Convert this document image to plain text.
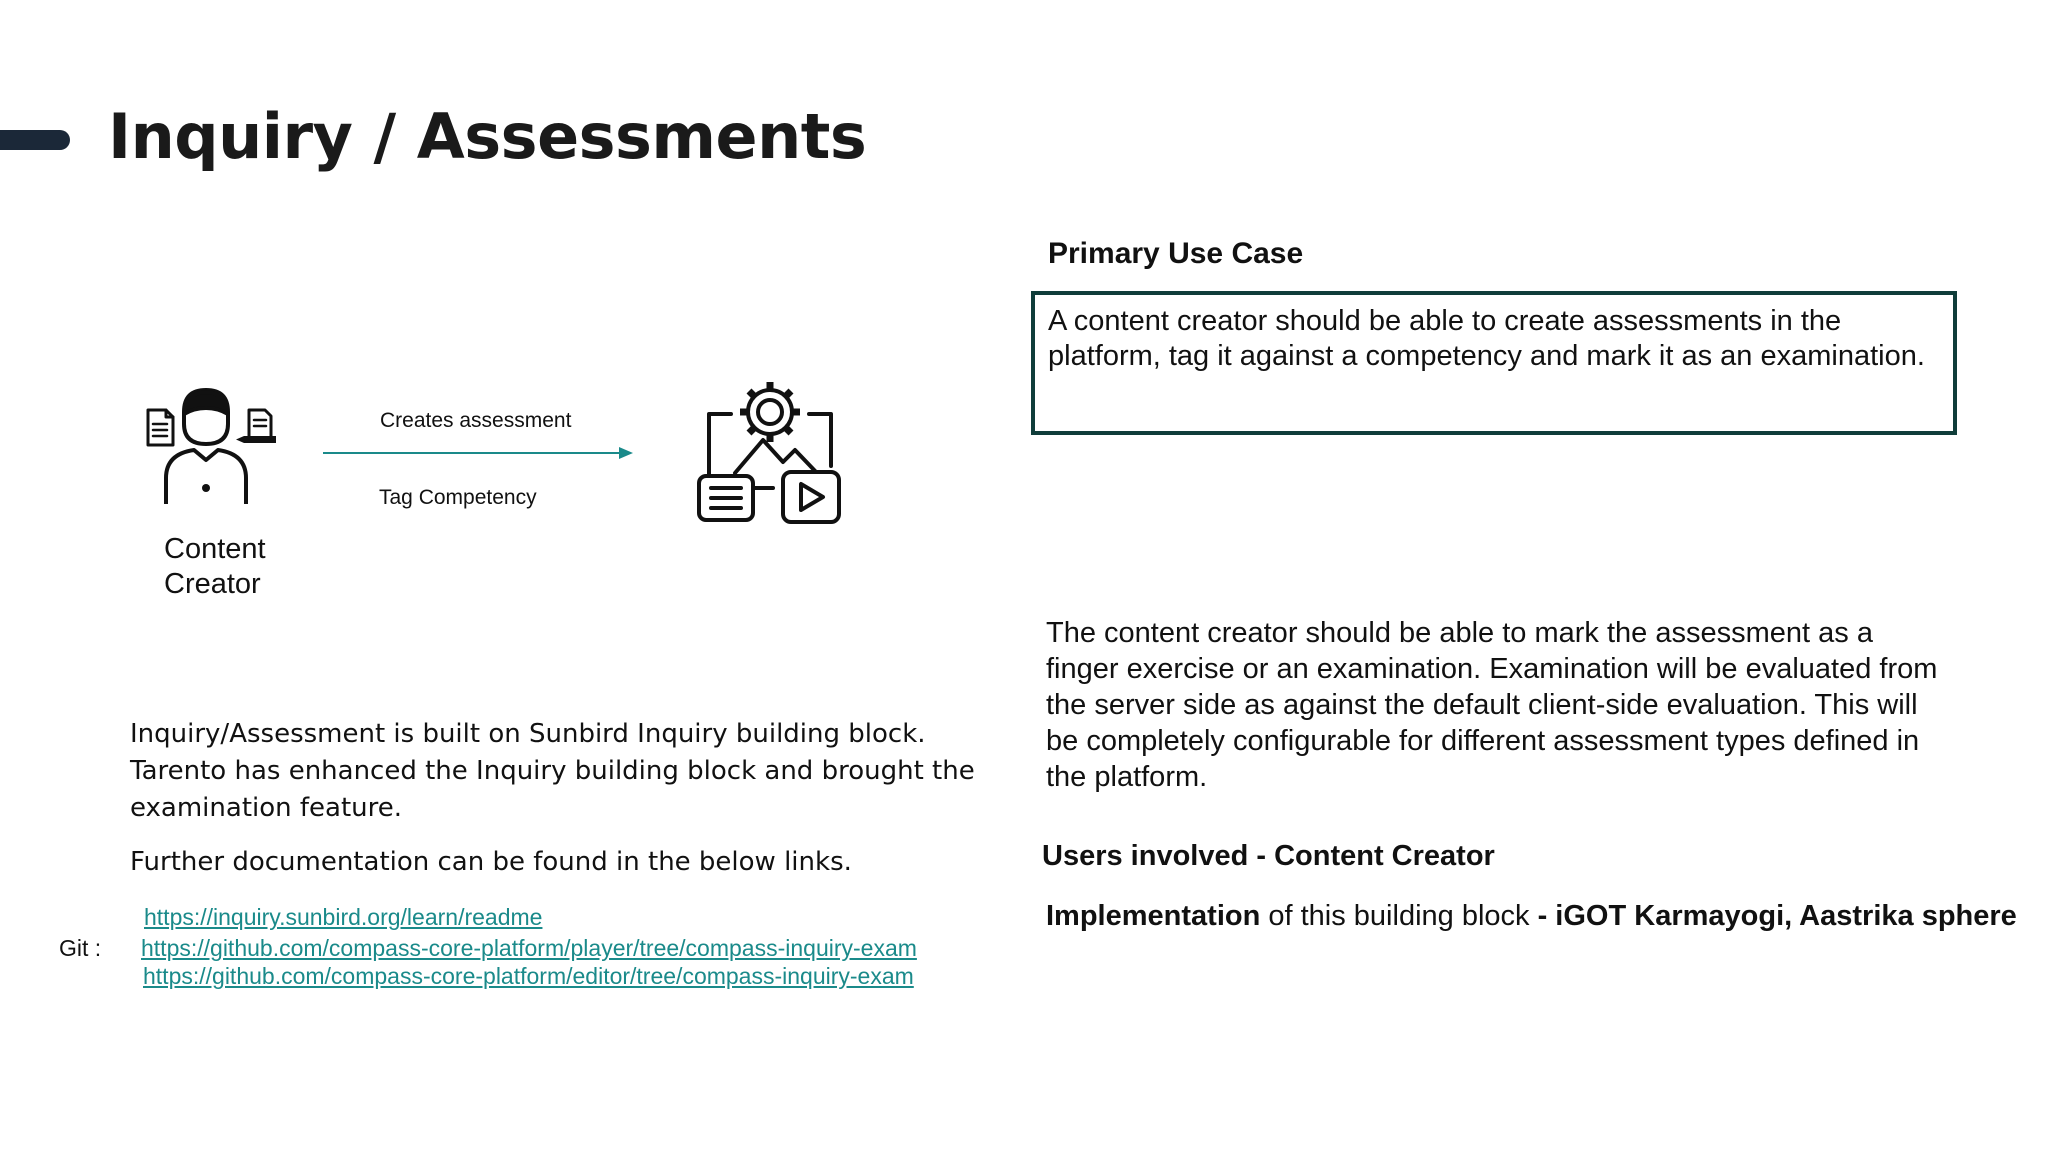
Inquiry / Assessments
Content
Creator
Creates assessment
Tag Competency

Inquiry/Assessment is built on Sunbird Inquiry building block. Tarento has enhanced the Inquiry building block and brought the examination feature.

Further documentation can be found in the below links.

https://inquiry.sunbird.org/learn/readme
Git : https://github.com/compass-core-platform/player/tree/compass-inquiry-exam
https://github.com/compass-core-platform/editor/tree/compass-inquiry-exam
Primary Use Case
A content creator should be able to create assessments in the platform, tag it against a competency and mark it as an examination.
The content creator should be able to mark the assessment as a finger exercise or an examination. Examination will be evaluated from the server side as against the default client-side evaluation. This will be completely configurable for different assessment types defined in the platform.
Users involved - Content Creator
Implementation of this building block - iGOT Karmayogi, Aastrika sphere
